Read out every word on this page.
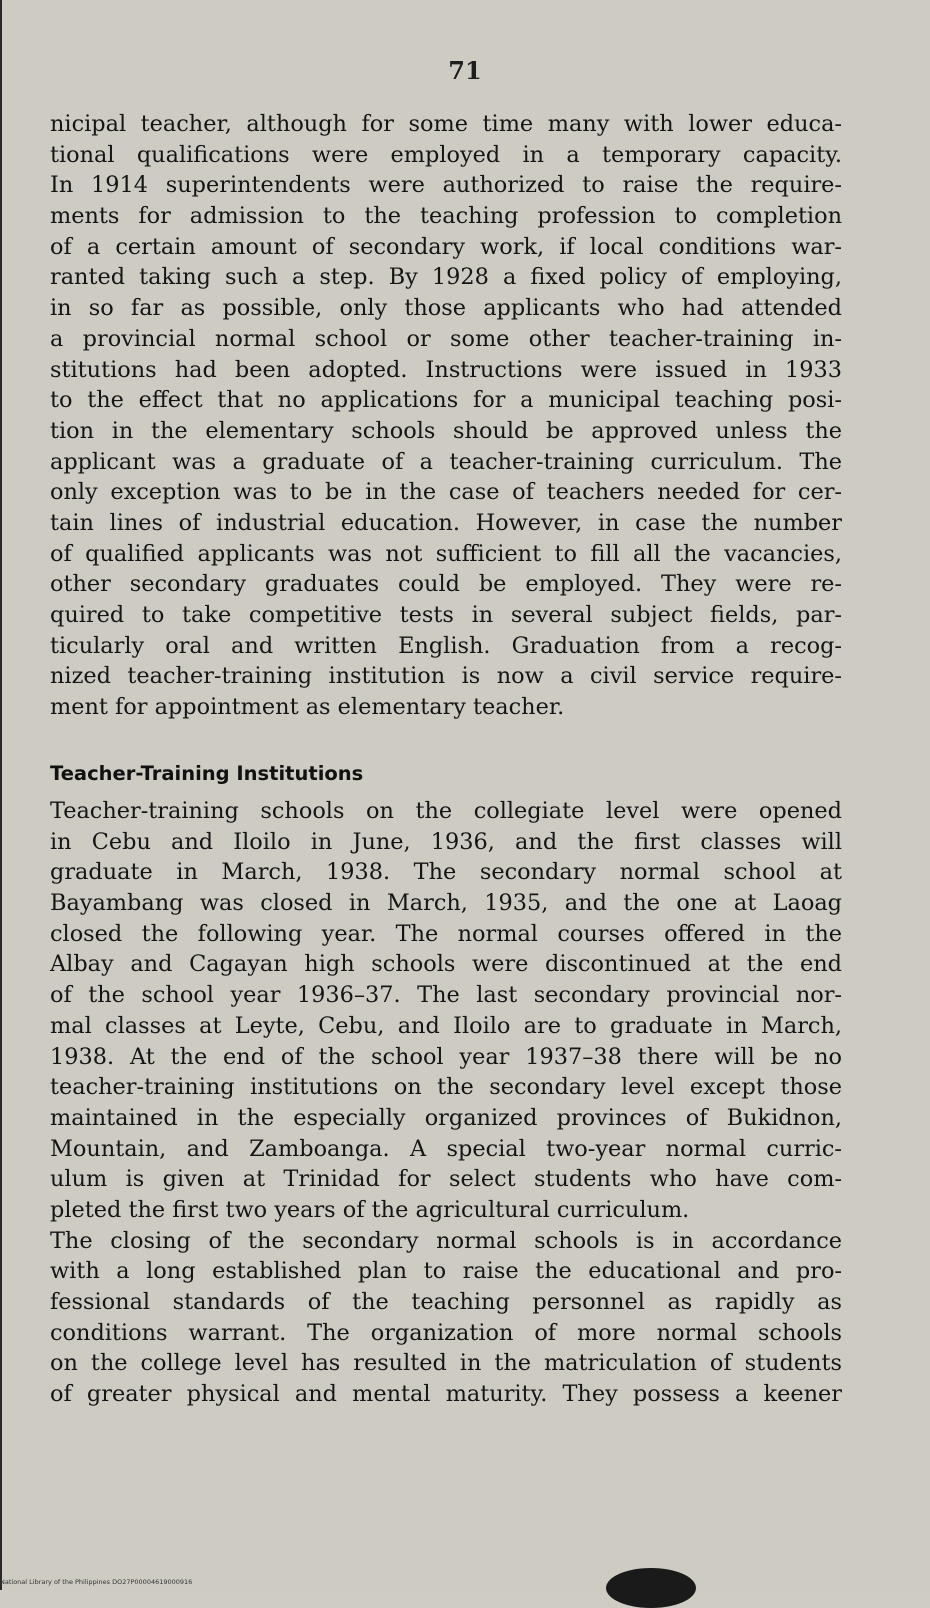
71
nicipal teacher, although for some time many with lower educa-
tional qualifications were employed in a temporary capacity.
In 1914 superintendents were authorized to raise the require-
ments for admission to the teaching profession to completion
of a certain amount of secondary work, if local conditions war-
ranted taking such a step. By 1928 a fixed policy of employing,
in so far as possible, only those applicants who had attended
a provincial normal school or some other teacher-training in-
stitutions had been adopted. Instructions were issued in 1933
to the effect that no applications for a municipal teaching posi-
tion in the elementary schools should be approved unless the
applicant was a graduate of a teacher-training curriculum. The
only exception was to be in the case of teachers needed for cer-
tain lines of industrial education. However, in case the number
of qualified applicants was not sufficient to fill all the vacancies,
other secondary graduates could be employed. They were re-
quired to take competitive tests in several subject fields, par-
ticularly oral and written English. Graduation from a recog-
nized teacher-training institution is now a civil service require-
ment for appointment as elementary teacher.
Teacher-Training Institutions
Teacher-training schools on the collegiate level were opened
in Cebu and Iloilo in June, 1936, and the first classes will
graduate in March, 1938. The secondary normal school at
Bayambang was closed in March, 1935, and the one at Laoag
closed the following year. The normal courses offered in the
Albay and Cagayan high schools were discontinued at the end
of the school year 1936–37. The last secondary provincial nor-
mal classes at Leyte, Cebu, and Iloilo are to graduate in March,
1938. At the end of the school year 1937–38 there will be no
teacher-training institutions on the secondary level except those
maintained in the especially organized provinces of Bukidnon,
Mountain, and Zamboanga. A special two-year normal curric-
ulum is given at Trinidad for select students who have com-
pleted the first two years of the agricultural curriculum.
The closing of the secondary normal schools is in accordance
with a long established plan to raise the educational and pro-
fessional standards of the teaching personnel as rapidly as
conditions warrant. The organization of more normal schools
on the college level has resulted in the matriculation of students
of greater physical and mental maturity. They possess a keener
National Library of the Philippines DO27P00004619000916
